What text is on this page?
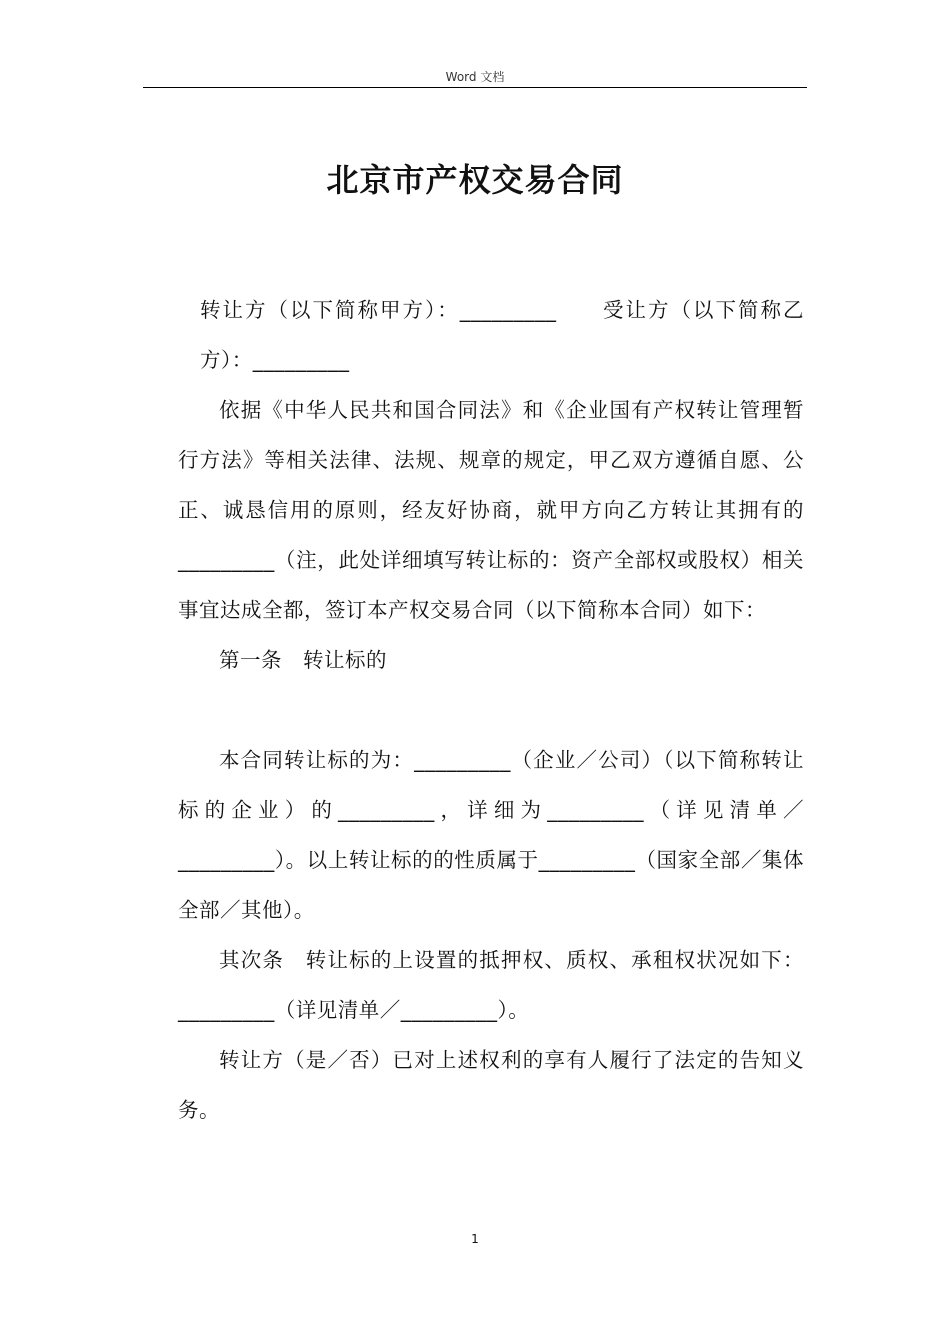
Word 文档
北京市产权交易合同

转让方（以下简称甲方）：_________　　受让方（以下简称乙方）：_________

依据《中华人民共和国合同法》和《企业国有产权转让管理暂行方法》等相关法律、法规、规章的规定，甲乙双方遵循自愿、公正、诚恳信用的原则，经友好协商，就甲方向乙方转让其拥有的_________（注，此处详细填写转让标的：资产全部权或股权）相关事宜达成全都，签订本产权交易合同（以下简称本合同）如下：

第一条　转让标的

本合同转让标的为：_________（企业／公司）（以下简称转让标的企业）的_________，详细为_________（详见清单／_________）。以上转让标的的性质属于_________（国家全部／集体全部／其他）。

其次条　转让标的上设置的抵押权、质权、承租权状况如下：_________（详见清单／_________）。

转让方（是／否）已对上述权利的享有人履行了法定的告知义务。

1
